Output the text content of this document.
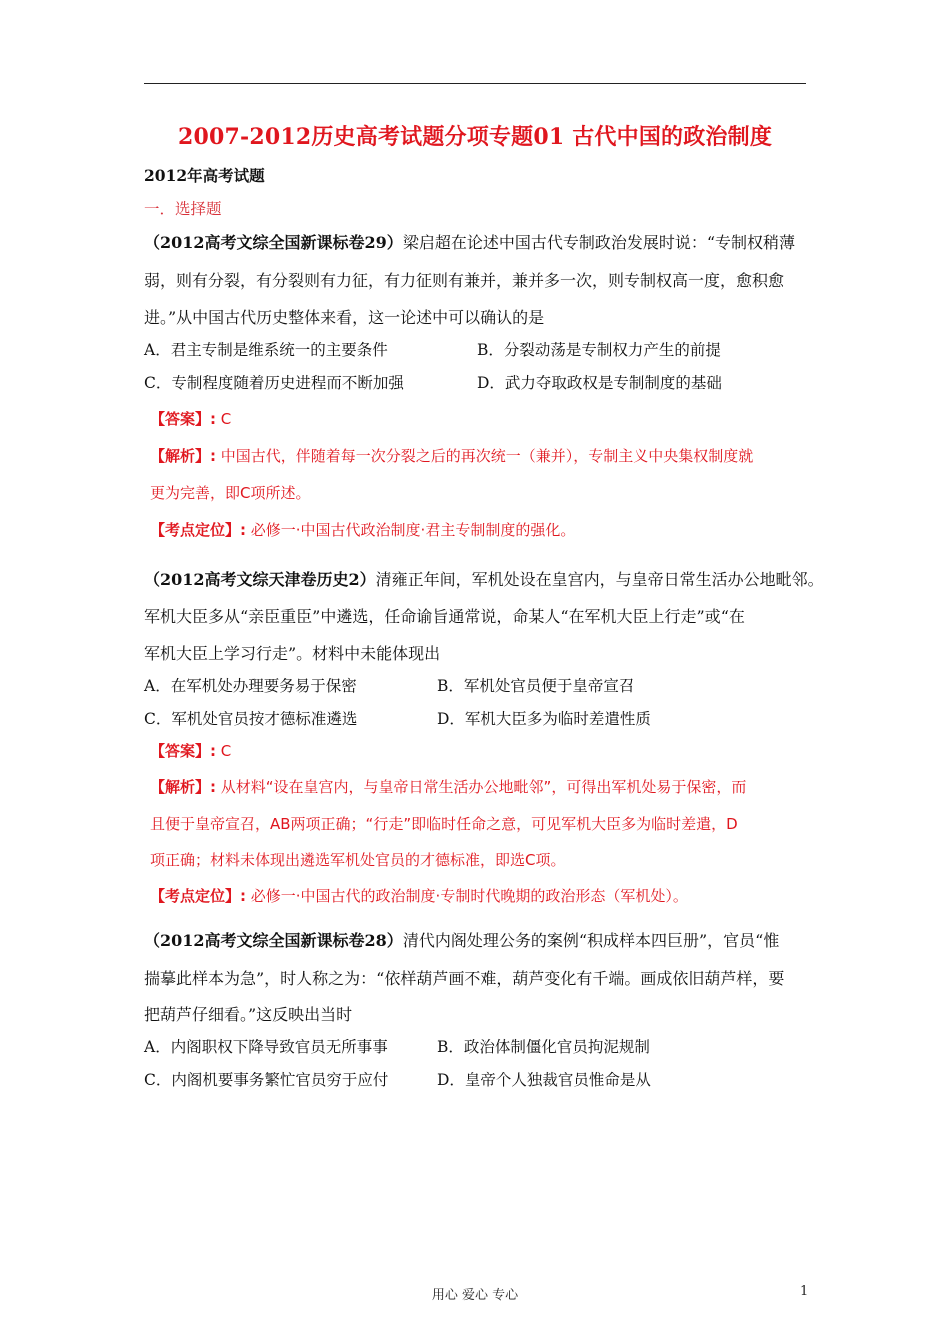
2007-2012历史高考试题分项专题01 古代中国的政治制度
2012年高考试题
一．选择题
（2012高考文综全国新课标卷29）梁启超在论述中国古代专制政治发展时说：“专制权稍薄
弱，则有分裂，有分裂则有力征，有力征则有兼并，兼并多一次，则专制权高一度，愈积愈
进。”从中国古代历史整体来看，这一论述中可以确认的是
A．君主专制是维系统一的主要条件	B．分裂动荡是专制权力产生的前提
C．专制程度随着历史进程而不断加强	D．武力夺取政权是专制制度的基础
【答案】: C
【解析】: 中国古代，伴随着每一次分裂之后的再次统一（兼并），专制主义中央集权制度就
更为完善，即C项所述。
【考点定位】: 必修一·中国古代政治制度·君主专制制度的强化。
（2012高考文综天津卷历史2）清雍正年间，军机处设在皇宫内，与皇帝日常生活办公地毗邻。
军机大臣多从“亲臣重臣”中遴选，任命谕旨通常说，命某人“在军机大臣上行走”或“在
军机大臣上学习行走”。材料中未能体现出
A．在军机处办理要务易于保密	B．军机处官员便于皇帝宣召
C．军机处官员按才德标准遴选	D．军机大臣多为临时差遣性质
【答案】: C
【解析】: 从材料“设在皇宫内，与皇帝日常生活办公地毗邻”，可得出军机处易于保密，而
且便于皇帝宣召，AB两项正确；“行走”即临时任命之意，可见军机大臣多为临时差遣，D
项正确；材料未体现出遴选军机处官员的才德标准，即选C项。
【考点定位】: 必修一·中国古代的政治制度·专制时代晚期的政治形态（军机处）。
（2012高考文综全国新课标卷28）清代内阁处理公务的案例“积成样本四巨册”，官员“惟
揣摹此样本为急”，时人称之为：“依样葫芦画不难，葫芦变化有千端。画成依旧葫芦样，要
把葫芦仔细看。”这反映出当时
A．内阁职权下降导致官员无所事事	B．政治体制僵化官员拘泥规制
C．内阁机要事务繁忙官员穷于应付	D．皇帝个人独裁官员惟命是从
用心 爱心 专心	1
